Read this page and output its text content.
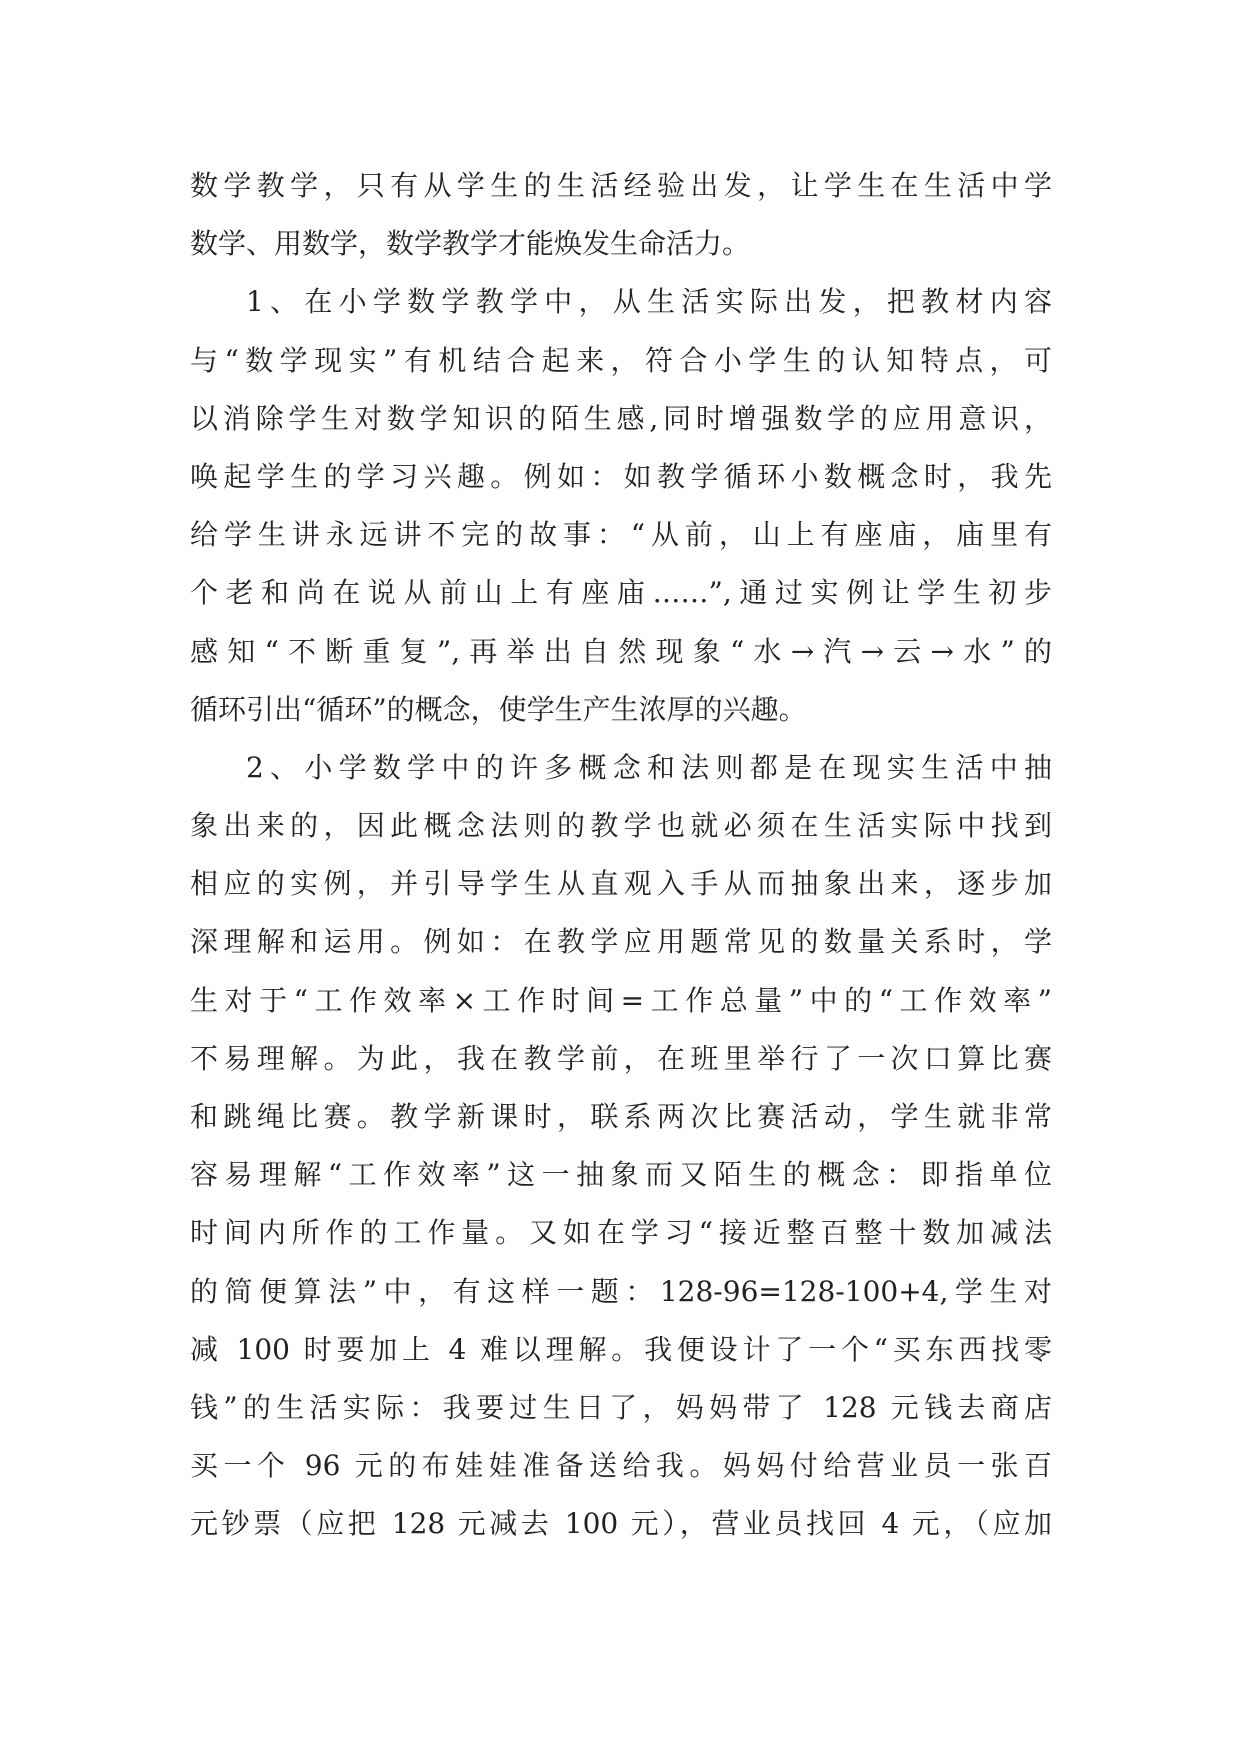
数学教学，只有从学生的生活经验出发，让学生在生活中学
数学、用数学，数学教学才能焕发生命活力。
1、在小学数学教学中，从生活实际出发，把教材内容
与“数学现实”有机结合起来，符合小学生的认知特点，可
以消除学生对数学知识的陌生感,同时增强数学的应用意识，
唤起学生的学习兴趣。例如：如教学循环小数概念时，我先
给学生讲永远讲不完的故事：“从前，山上有座庙，庙里有
个老和尚在说从前山上有座庙……”,通过实例让学生初步
感知“不断重复”,再举出自然现象“水→汽→云→水”的
循环引出“循环”的概念，使学生产生浓厚的兴趣。
2、小学数学中的许多概念和法则都是在现实生活中抽
象出来的，因此概念法则的教学也就必须在生活实际中找到
相应的实例，并引导学生从直观入手从而抽象出来，逐步加
深理解和运用。例如：在教学应用题常见的数量关系时，学
生对于“工作效率×工作时间=工作总量”中的“工作效率”
不易理解。为此，我在教学前，在班里举行了一次口算比赛
和跳绳比赛。教学新课时，联系两次比赛活动，学生就非常
容易理解“工作效率”这一抽象而又陌生的概念：即指单位
时间内所作的工作量。又如在学习“接近整百整十数加减法
的简便算法”中，有这样一题：128-96=128-100+4,学生对
减 100 时要加上 4 难以理解。我便设计了一个“买东西找零
钱”的生活实际：我要过生日了，妈妈带了 128 元钱去商店
买一个 96 元的布娃娃准备送给我。妈妈付给营业员一张百
元钞票（应把 128 元减去 100 元），营业员找回 4 元，（应加
